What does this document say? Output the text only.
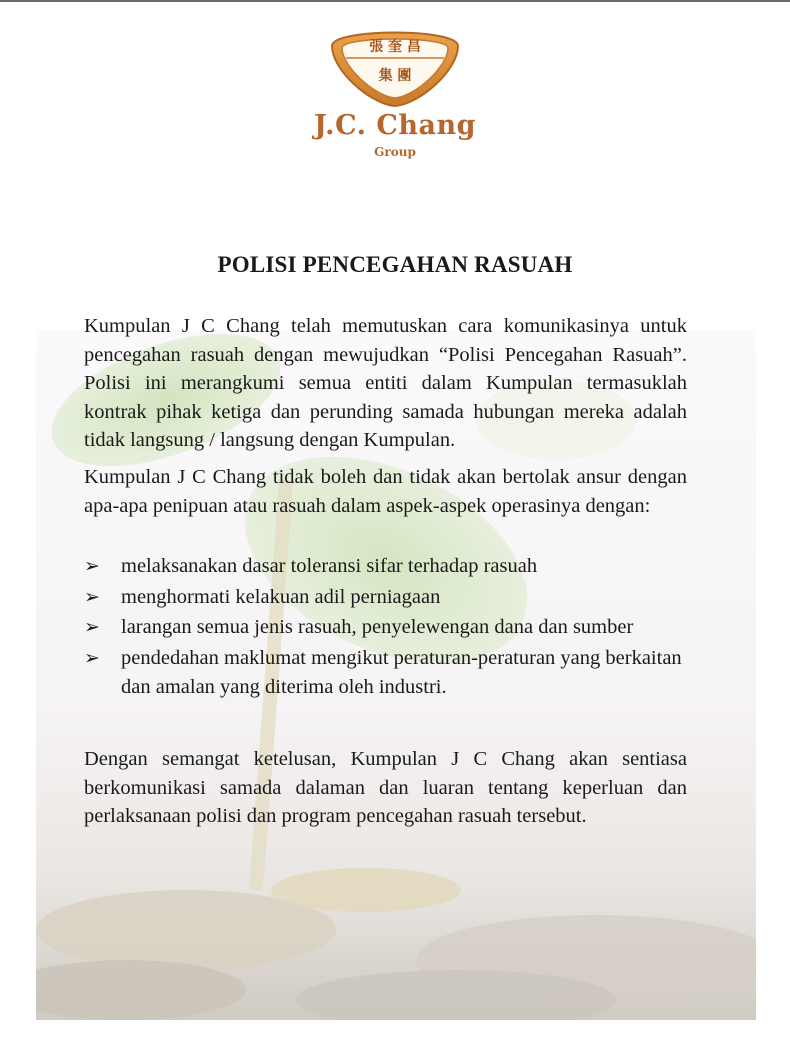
張 奎 昌
集 團
J.C. Chang
Group
POLISI PENCEGAHAN RASUAH

Kumpulan J C Chang telah memutuskan cara komunikasinya untuk pencegahan rasuah dengan mewujudkan “Polisi Pencegahan Rasuah”. Polisi ini merangkumi semua entiti dalam Kumpulan termasuklah kontrak pihak ketiga dan perunding samada hubungan mereka adalah tidak langsung / langsung dengan Kumpulan.

Kumpulan J C Chang tidak boleh dan tidak akan bertolak ansur dengan apa-apa penipuan atau rasuah dalam aspek-aspek operasinya dengan:

➢ melaksanakan dasar toleransi sifar terhadap rasuah
➢ menghormati kelakuan adil perniagaan
➢ larangan semua jenis rasuah, penyelewengan dana dan sumber
➢ pendedahan maklumat mengikut peraturan-peraturan yang berkaitan dan amalan yang diterima oleh industri.

Dengan semangat ketelusan, Kumpulan J C Chang akan sentiasa berkomunikasi samada dalaman dan luaran tentang keperluan dan perlaksanaan polisi dan program pencegahan rasuah tersebut.
